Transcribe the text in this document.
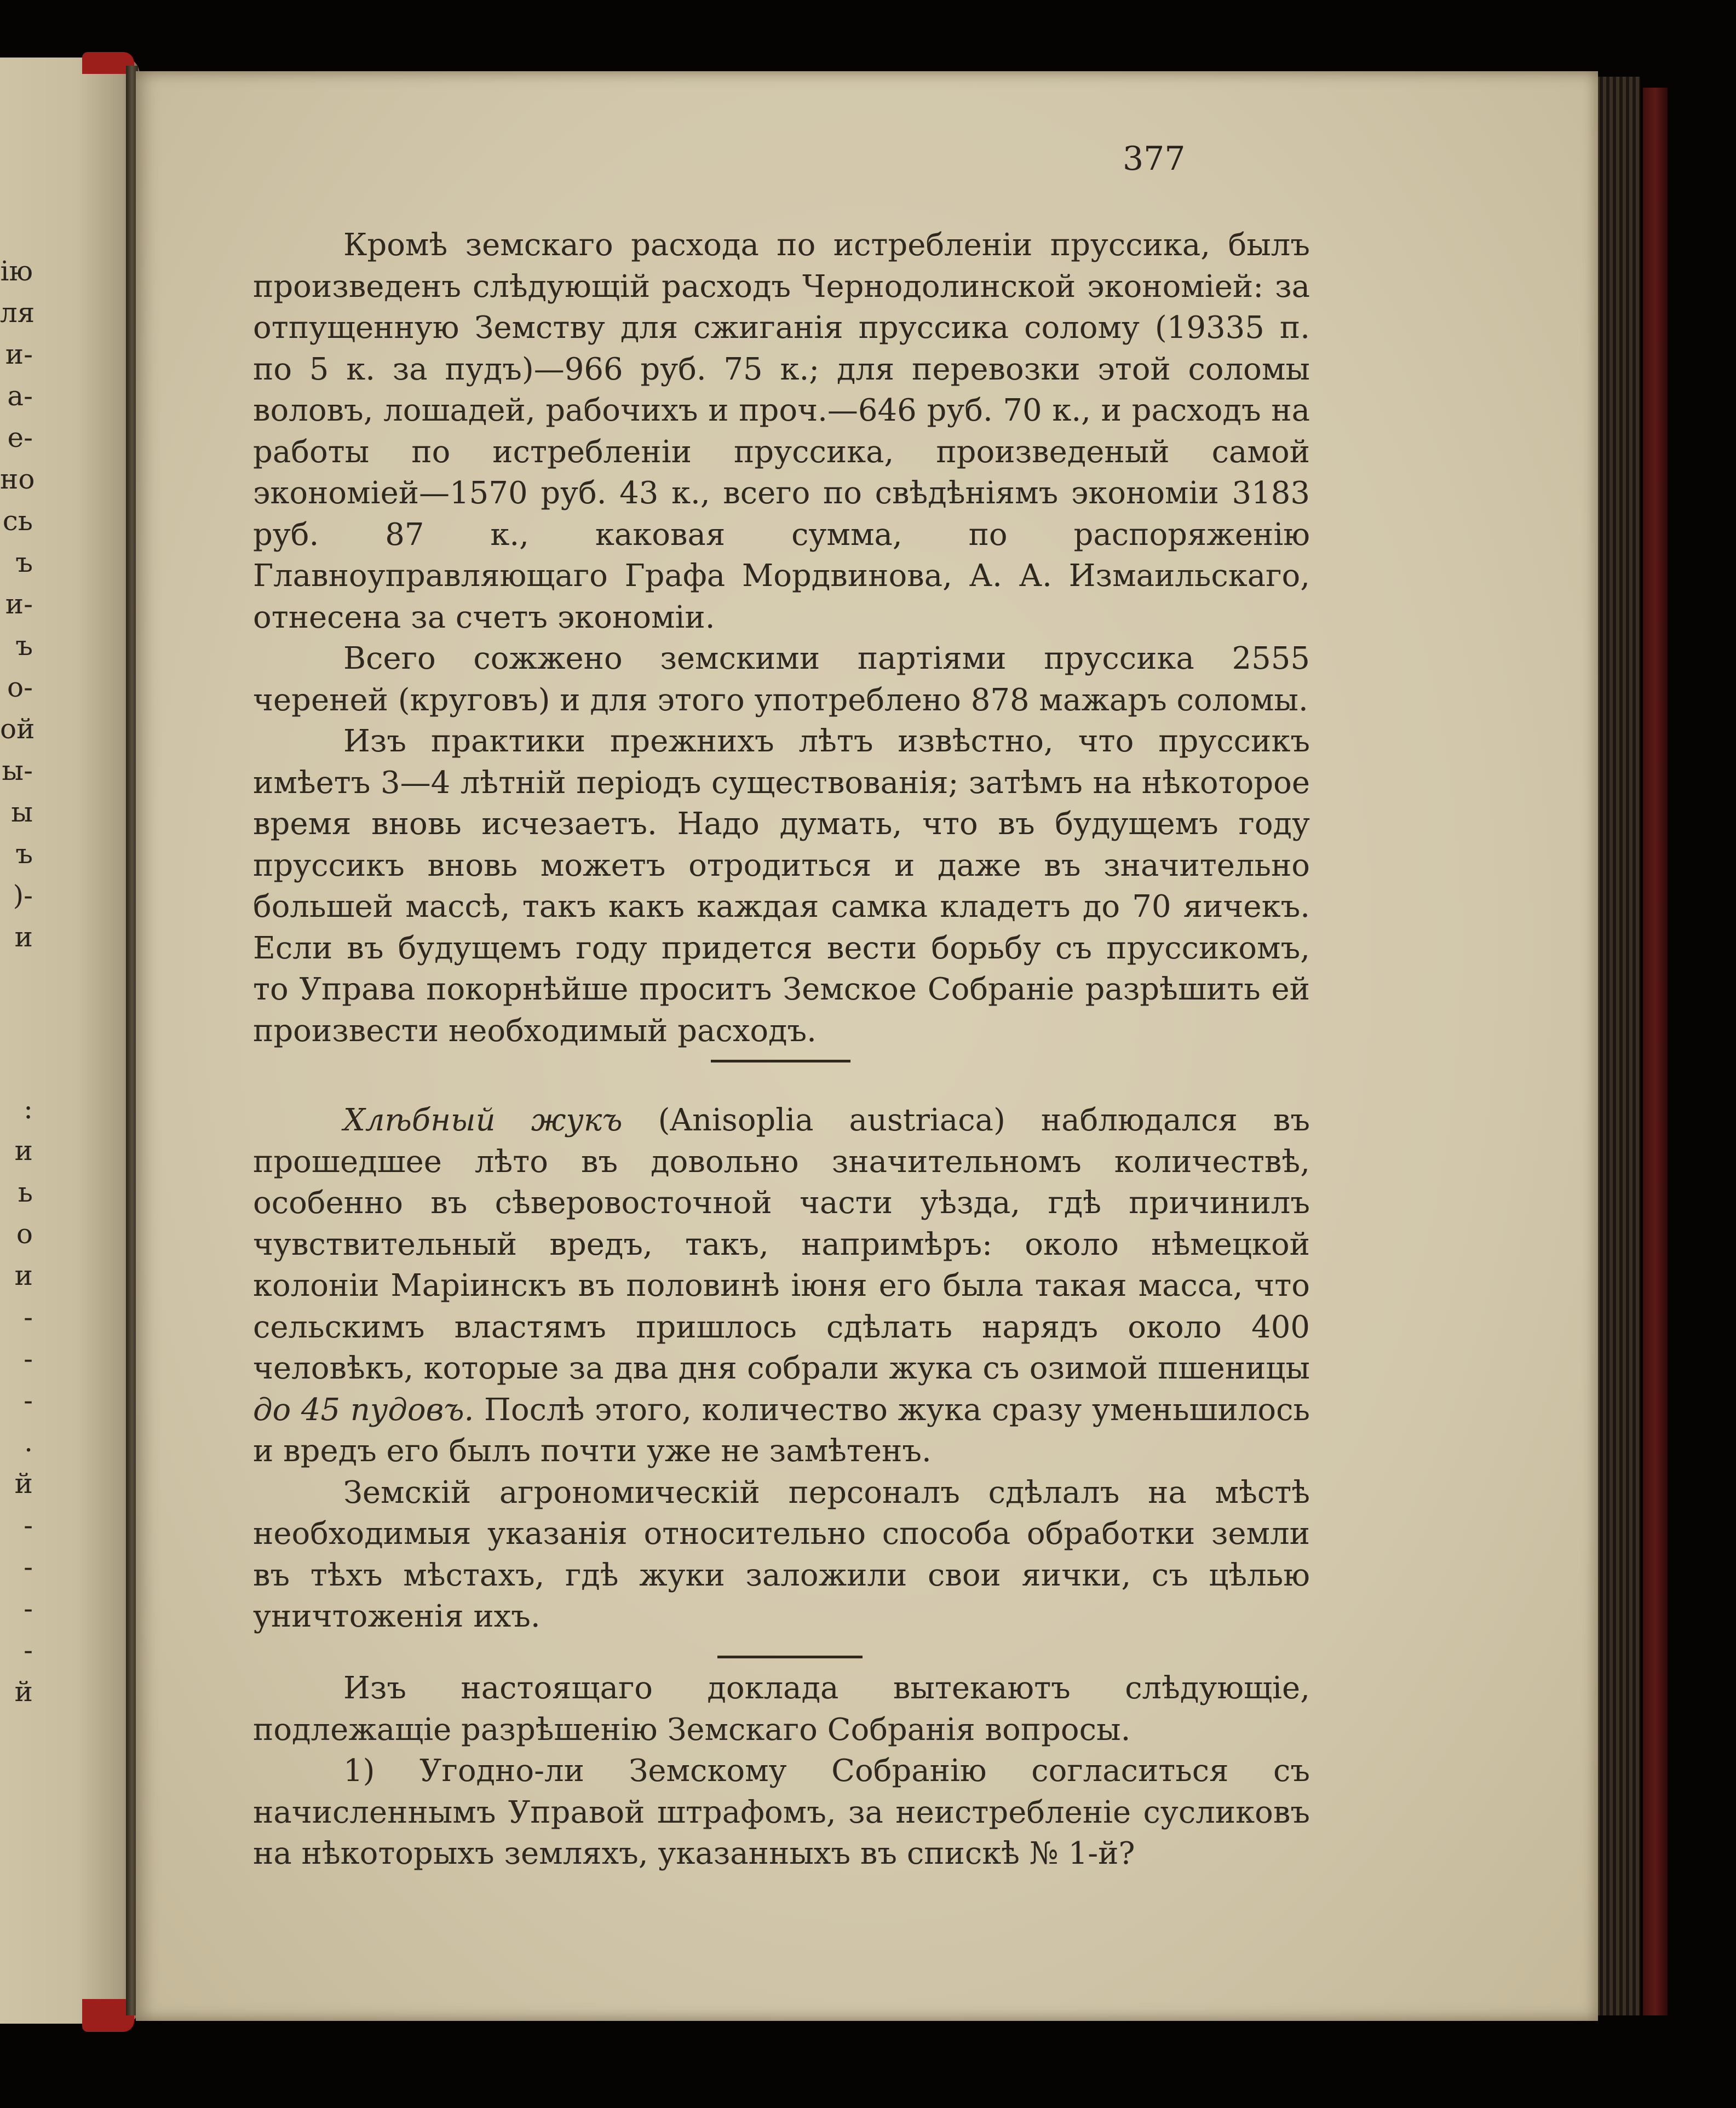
ію
ля
и-
а-
е-
но
сь
ъ
и-
ъ
о-
ой
ы-
ы
ъ
)-
и
:
и
ь
о
и
-
-
-
.
й
-
-
-
-
й
377

Кромѣ земскаго расхода по истребленіи пруссика, былъ произведенъ слѣдующій расходъ Чернодолинской экономіей: за отпущенную Земству для сжиганія пруссика солому (19335 п. по 5 к. за пудъ)—966 руб. 75 к.; для перевозки этой соломы воловъ, лошадей, рабочихъ и проч.—646 руб. 70 к., и расходъ на работы по истребленіи пруссика, произведеный самой экономіей—1570 руб. 43 к., всего по свѣдѣніямъ экономіи 3183 руб. 87 к., каковая сумма, по распоряженію Главноуправляющаго Графа Мордвинова, А. А. Измаильскаго, отнесена за счетъ экономіи.

Всего сожжено земскими партіями пруссика 2555 череней (круговъ) и для этого употреблено 878 мажаръ соломы.

Изъ практики прежнихъ лѣтъ извѣстно, что пруссикъ имѣетъ 3—4 лѣтній періодъ существованія; затѣмъ на нѣкоторое время вновь исчезаетъ. Надо думать, что въ будущемъ году пруссикъ вновь можетъ отродиться и даже въ значительно большей массѣ, такъ какъ каждая самка кладетъ до 70 яичекъ. Если въ будущемъ году придется вести борьбу съ пруссикомъ, то Управа покорнѣйше проситъ Земское Собраніе разрѣшить ей произвести необходимый расходъ.

Хлѣбный жукъ (Anisoplia austriaca) наблюдался въ прошедшее лѣто въ довольно значительномъ количествѣ, особенно въ сѣверовосточной части уѣзда, гдѣ причинилъ чувствительный вредъ, такъ, напримѣръ: около нѣмецкой колоніи Маріинскъ въ половинѣ іюня его была такая масса, что сельскимъ властямъ пришлось сдѣлать нарядъ около 400 человѣкъ, которые за два дня собрали жука съ озимой пшеницы до 45 пудовъ. Послѣ этого, количество жука сразу уменьшилось и вредъ его былъ почти уже не замѣтенъ.

Земскій агрономическій персоналъ сдѣлалъ на мѣстѣ необходимыя указанія относительно способа обработки земли въ тѣхъ мѣстахъ, гдѣ жуки заложили свои яички, съ цѣлью уничтоженія ихъ.

Изъ настоящаго доклада вытекаютъ слѣдующіе, подлежащіе разрѣшенію Земскаго Собранія вопросы.

1) Угодно-ли Земскому Собранію согласиться съ начисленнымъ Управой штрафомъ, за неистребленіе сусликовъ на нѣкоторыхъ земляхъ, указанныхъ въ спискѣ № 1-й?
